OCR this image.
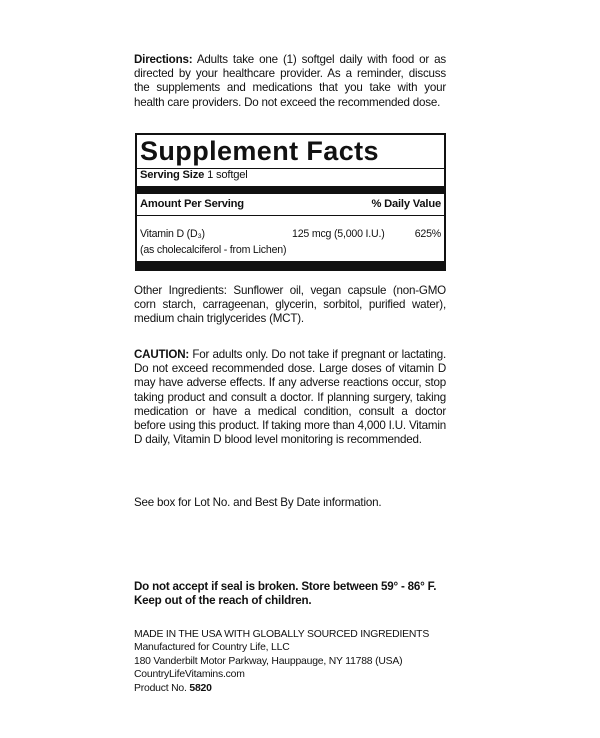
Directions: Adults take one (1) softgel daily with food or as directed by your healthcare provider. As a reminder, discuss the supplements and medications that you take with your health care providers. Do not exceed the recommended dose.
Supplement Facts
Serving Size 1 softgel
Amount Per Serving	% Daily Value
Vitamin D (D₃)	125 mcg (5,000 I.U.)	625%
(as cholecalciferol - from Lichen)
Other Ingredients: Sunflower oil, vegan capsule (non-GMO corn starch, carrageenan, glycerin, sorbitol, purified water), medium chain triglycerides (MCT).
CAUTION: For adults only. Do not take if pregnant or lactating. Do not exceed recommended dose. Large doses of vitamin D may have adverse effects. If any adverse reactions occur, stop taking product and consult a doctor. If planning surgery, taking medication or have a medical condition, consult a doctor before using this product. If taking more than 4,000 I.U. Vitamin D daily, Vitamin D blood level monitoring is recommended.
See box for Lot No. and Best By Date information.
Do not accept if seal is broken. Store between 59° - 86° F.
Keep out of the reach of children.
MADE IN THE USA WITH GLOBALLY SOURCED INGREDIENTS
Manufactured for Country Life, LLC
180 Vanderbilt Motor Parkway, Hauppauge, NY 11788 (USA)
CountryLifeVitamins.com
Product No. 5820
